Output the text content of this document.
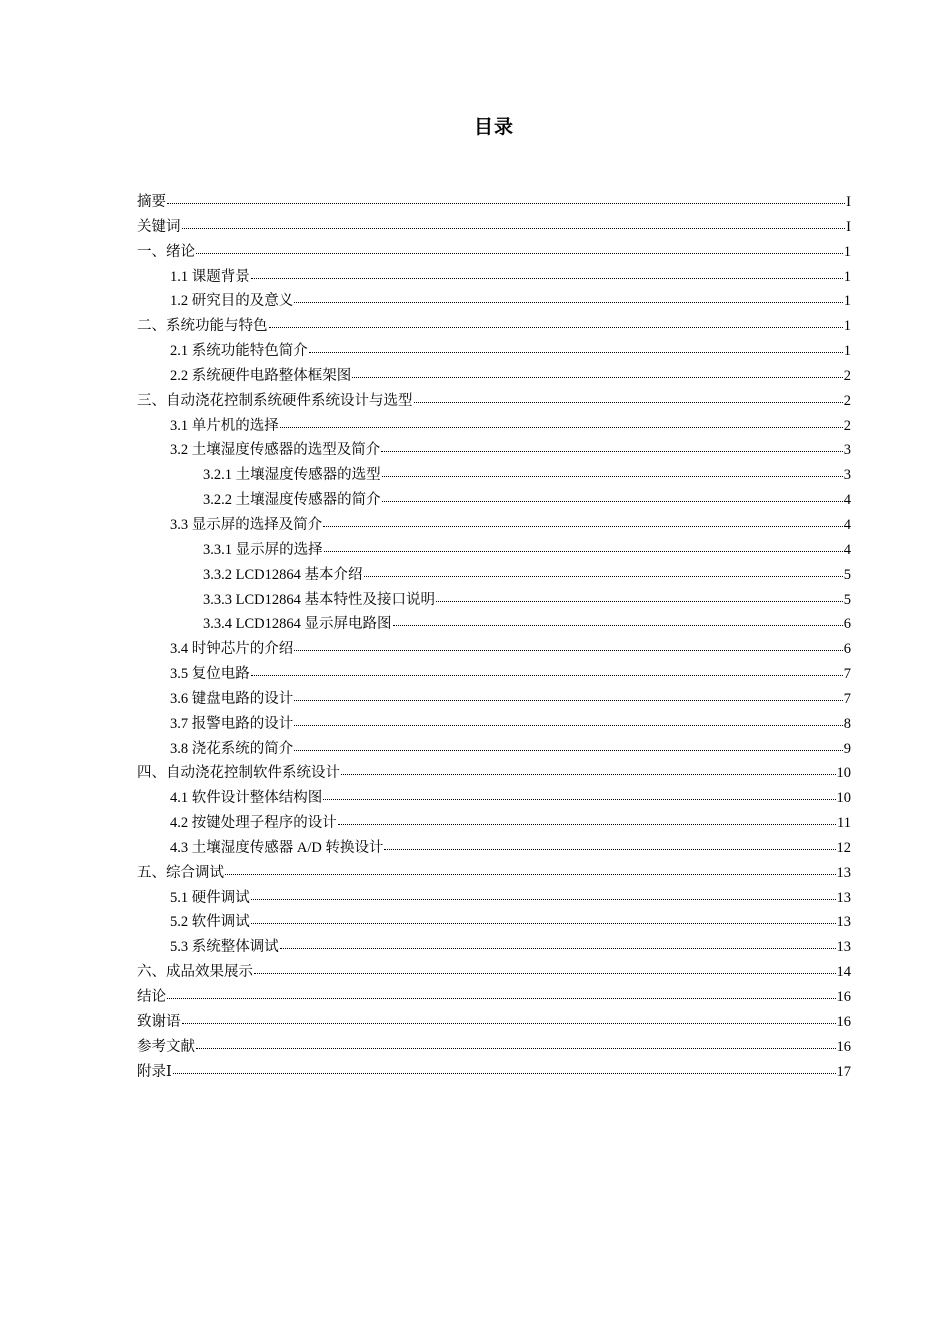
目录
摘要	I
关键词	I
一、绪论	1
1.1 课题背景	1
1.2 研究目的及意义	1
二、系统功能与特色	1
2.1 系统功能特色简介	1
2.2 系统硬件电路整体框架图	2
三、自动浇花控制系统硬件系统设计与选型	2
3.1 单片机的选择	2
3.2 土壤湿度传感器的选型及简介	3
3.2.1 土壤湿度传感器的选型	3
3.2.2 土壤湿度传感器的简介	4
3.3 显示屏的选择及简介	4
3.3.1 显示屏的选择	4
3.3.2 LCD12864 基本介绍	5
3.3.3 LCD12864 基本特性及接口说明	5
3.3.4 LCD12864 显示屏电路图	6
3.4 时钟芯片的介绍	6
3.5 复位电路	7
3.6 键盘电路的设计	7
3.7 报警电路的设计	8
3.8 浇花系统的简介	9
四、自动浇花控制软件系统设计	10
4.1 软件设计整体结构图	10
4.2 按键处理子程序的设计	11
4.3 土壤湿度传感器 A/D 转换设计	12
五、综合调试	13
5.1 硬件调试	13
5.2 软件调试	13
5.3 系统整体调试	13
六、成品效果展示	14
结论	16
致谢语	16
参考文献	16
附录Ⅰ	17
